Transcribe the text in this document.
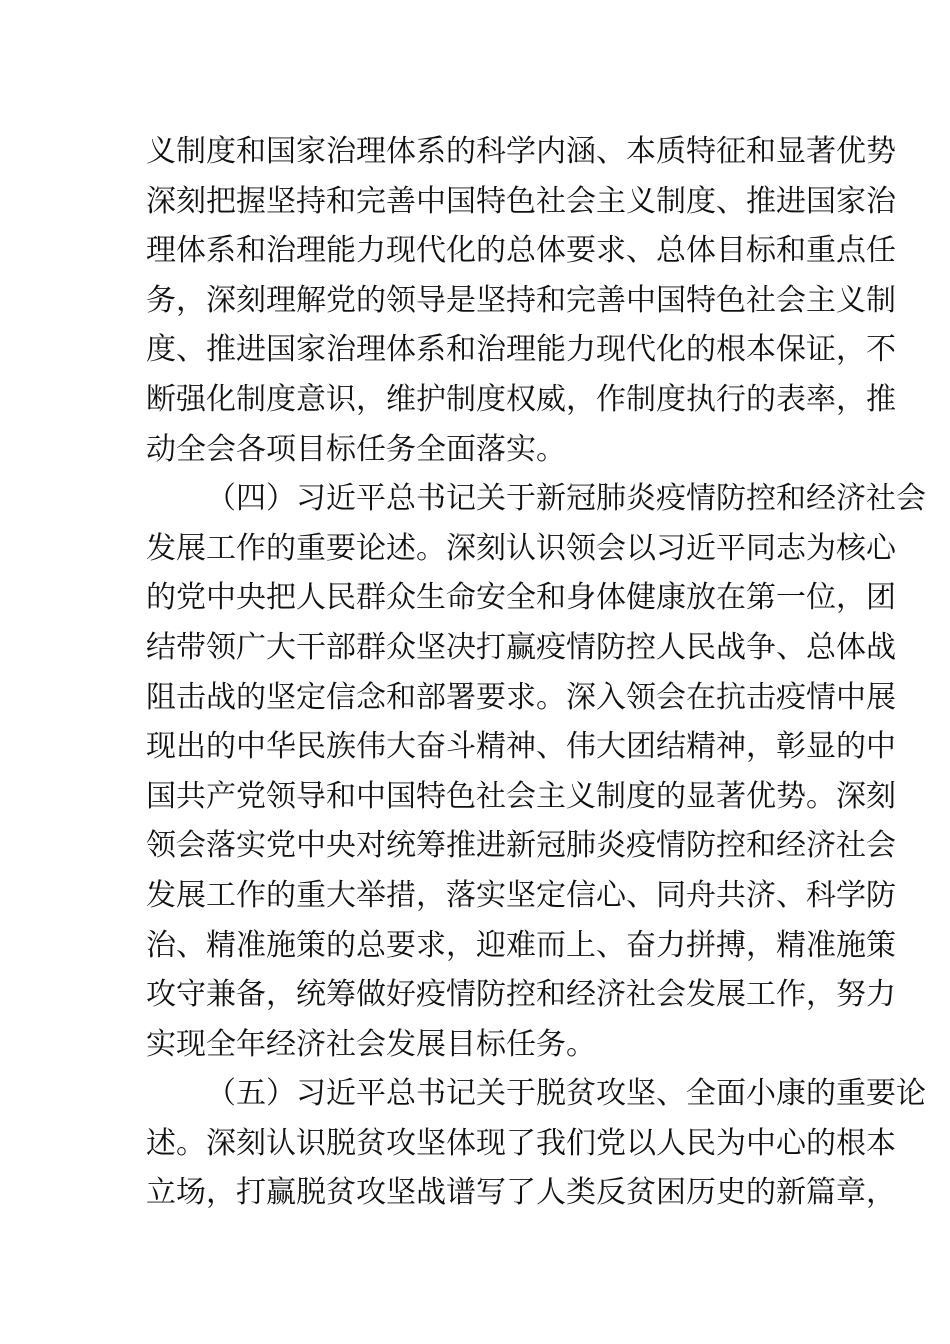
义制度和国家治理体系的科学内涵、本质特征和显著优势
深刻把握坚持和完善中国特色社会主义制度、推进国家治
理体系和治理能力现代化的总体要求、总体目标和重点任
务，深刻理解党的领导是坚持和完善中国特色社会主义制
度、推进国家治理体系和治理能力现代化的根本保证，不
断强化制度意识，维护制度权威，作制度执行的表率，推
动全会各项目标任务全面落实。
（四）习近平总书记关于新冠肺炎疫情防控和经济社会
发展工作的重要论述。深刻认识领会以习近平同志为核心
的党中央把人民群众生命安全和身体健康放在第一位，团
结带领广大干部群众坚决打赢疫情防控人民战争、总体战
阻击战的坚定信念和部署要求。深入领会在抗击疫情中展
现出的中华民族伟大奋斗精神、伟大团结精神，彰显的中
国共产党领导和中国特色社会主义制度的显著优势。深刻
领会落实党中央对统筹推进新冠肺炎疫情防控和经济社会
发展工作的重大举措，落实坚定信心、同舟共济、科学防
治、精准施策的总要求，迎难而上、奋力拼搏，精准施策
攻守兼备，统筹做好疫情防控和经济社会发展工作，努力
实现全年经济社会发展目标任务。
（五）习近平总书记关于脱贫攻坚、全面小康的重要论
述。深刻认识脱贫攻坚体现了我们党以人民为中心的根本
立场，打赢脱贫攻坚战谱写了人类反贫困历史的新篇章，
